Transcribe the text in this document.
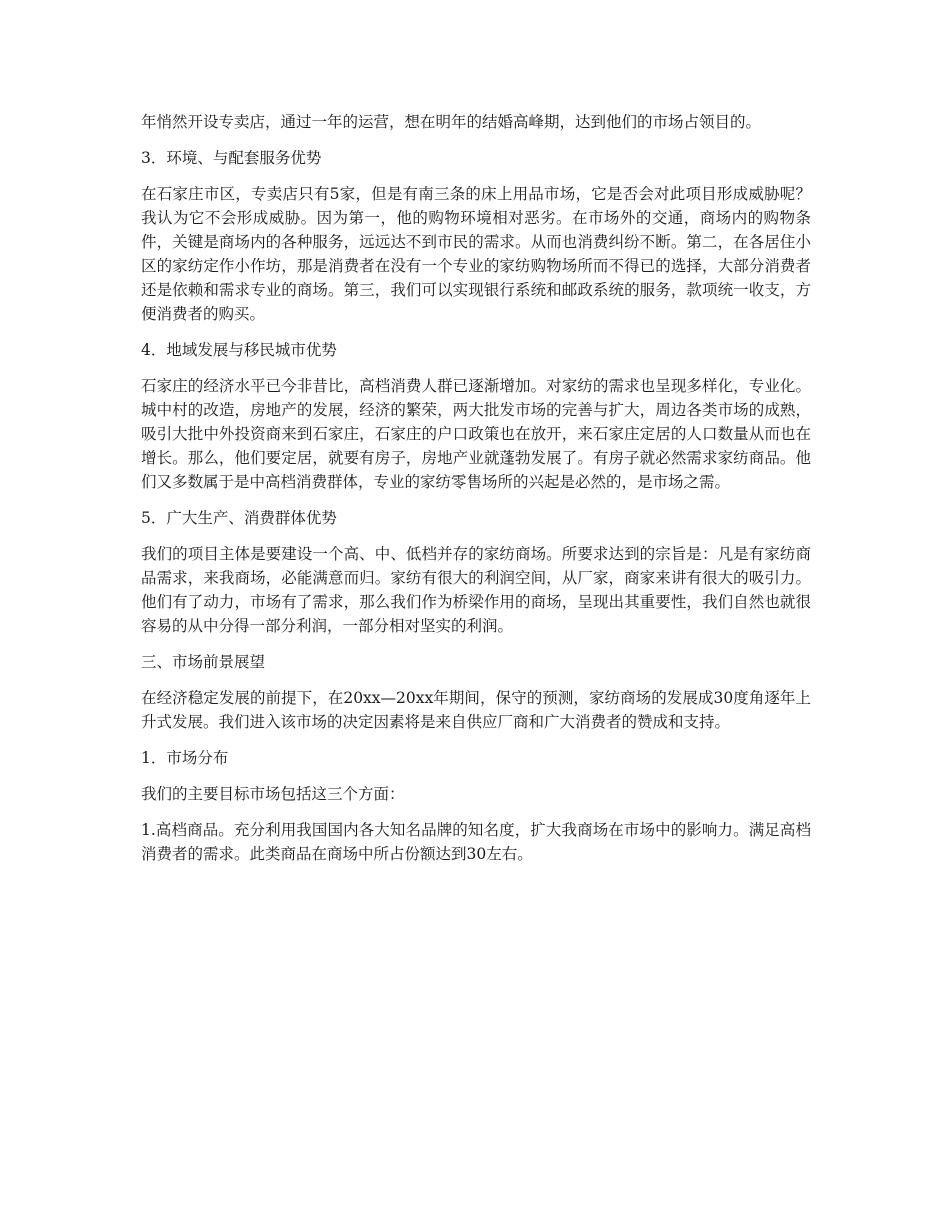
年悄然开设专卖店，通过一年的运营，想在明年的结婚高峰期，达到他们的市场占领目的。

3．环境、与配套服务优势

在石家庄市区，专卖店只有5家，但是有南三条的床上用品市场，它是否会对此项目形成威胁呢？我认为它不会形成威胁。因为第一，他的购物环境相对恶劣。在市场外的交通，商场内的购物条件，关键是商场内的各种服务，远远达不到市民的需求。从而也消费纠纷不断。第二，在各居住小区的家纺定作小作坊，那是消费者在没有一个专业的家纺购物场所而不得已的选择，大部分消费者还是依赖和需求专业的商场。第三，我们可以实现银行系统和邮政系统的服务，款项统一收支，方便消费者的购买。

4．地域发展与移民城市优势

石家庄的经济水平已今非昔比，高档消费人群已逐渐增加。对家纺的需求也呈现多样化，专业化。城中村的改造，房地产的发展，经济的繁荣，两大批发市场的完善与扩大，周边各类市场的成熟，吸引大批中外投资商来到石家庄，石家庄的户口政策也在放开，来石家庄定居的人口数量从而也在增长。那么，他们要定居，就要有房子，房地产业就蓬勃发展了。有房子就必然需求家纺商品。他们又多数属于是中高档消费群体，专业的家纺零售场所的兴起是必然的，是市场之需。

5．广大生产、消费群体优势

我们的项目主体是要建设一个高、中、低档并存的家纺商场。所要求达到的宗旨是：凡是有家纺商品需求，来我商场，必能满意而归。家纺有很大的利润空间，从厂家，商家来讲有很大的吸引力。他们有了动力，市场有了需求，那么我们作为桥梁作用的商场，呈现出其重要性，我们自然也就很容易的从中分得一部分利润，一部分相对坚实的利润。

三、市场前景展望

在经济稳定发展的前提下，在20xx—20xx年期间，保守的预测，家纺商场的发展成30度角逐年上升式发展。我们进入该市场的决定因素将是来自供应厂商和广大消费者的赞成和支持。

1．市场分布

我们的主要目标市场包括这三个方面：

1.高档商品。充分利用我国国内各大知名品牌的知名度，扩大我商场在市场中的影响力。满足高档消费者的需求。此类商品在商场中所占份额达到30左右。
